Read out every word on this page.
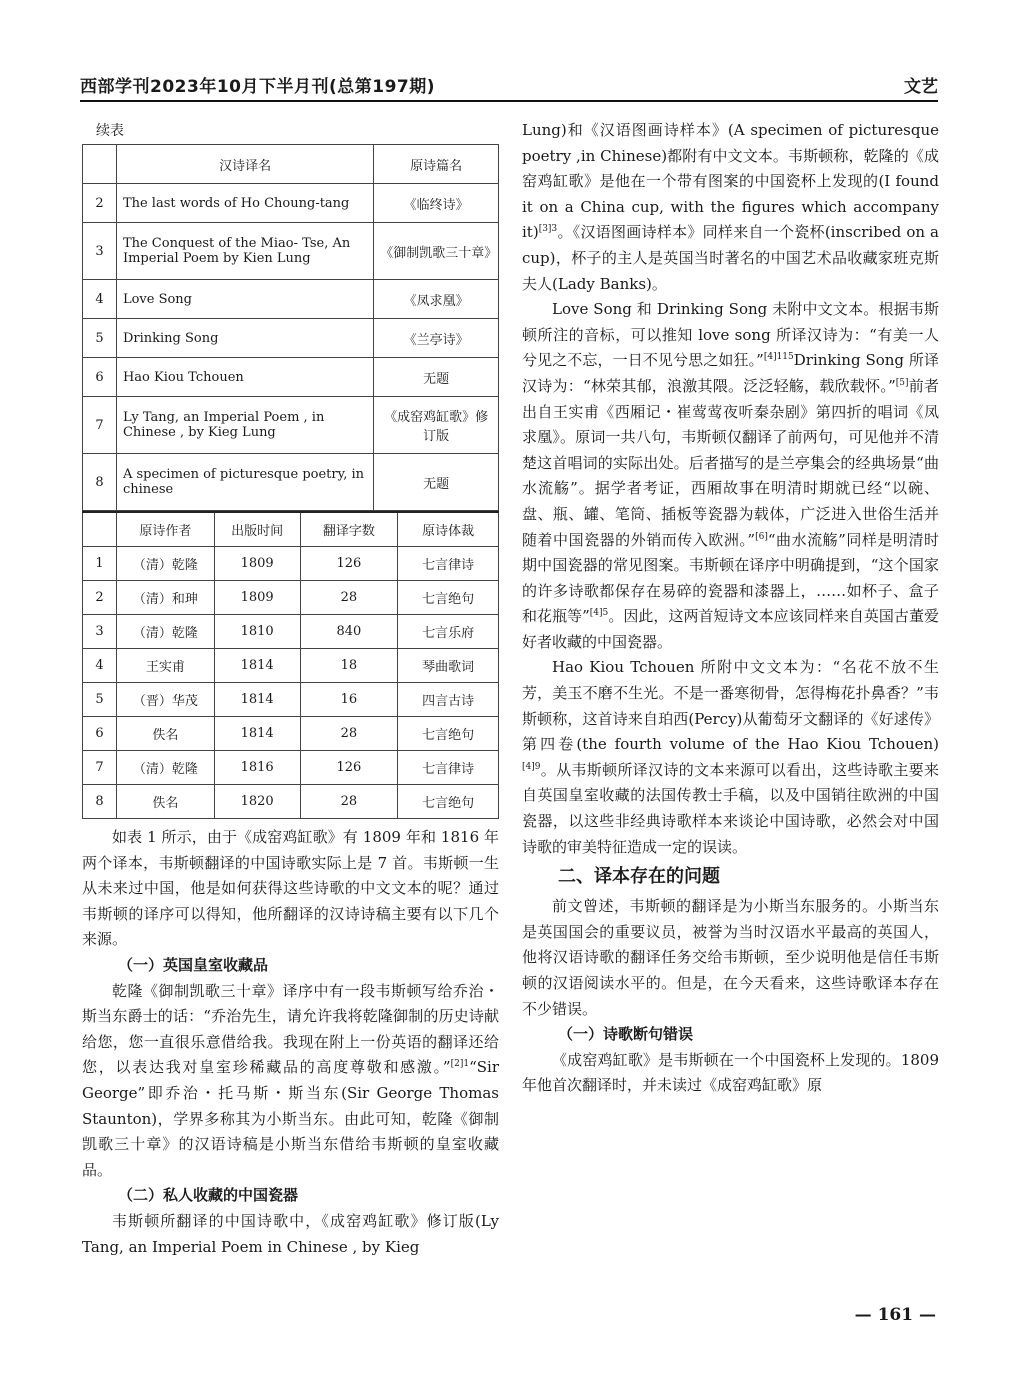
西部学刊2023年10月下半月刊(总第197期)	文艺
续表
	汉诗译名	原诗篇名
2	The last words of Ho Choung-tang	《临终诗》
3	The Conquest of the Miao- Tse, An Imperial Poem by Kien Lung	《御制凯歌三十章》
4	Love Song	《凤求凰》
5	Drinking Song	《兰亭诗》
6	Hao Kiou Tchouen	无题
7	Ly Tang, an Imperial Poem , in Chinese , by Kieg Lung	《成窑鸡缸歌》修订版
8	A specimen of picturesque poetry, in chinese	无题
	原诗作者	出版时间	翻译字数	原诗体裁
1	（清）乾隆	1809	126	七言律诗
2	（清）和珅	1809	28	七言绝句
3	（清）乾隆	1810	840	七言乐府
4	王实甫	1814	18	琴曲歌词
5	（晋）华茂	1814	16	四言古诗
6	佚名	1814	28	七言绝句
7	（清）乾隆	1816	126	七言律诗
8	佚名	1820	28	七言绝句

如表 1 所示，由于《成窑鸡缸歌》有 1809 年和 1816 年两个译本，韦斯顿翻译的中国诗歌实际上是 7 首。韦斯顿一生从未来过中国，他是如何获得这些诗歌的中文文本的呢？通过韦斯顿的译序可以得知，他所翻译的汉诗诗稿主要有以下几个来源。

（一）英国皇室收藏品

乾隆《御制凯歌三十章》译序中有一段韦斯顿写给乔治・斯当东爵士的话：“乔治先生，请允许我将乾隆御制的历史诗献给您，您一直很乐意借给我。我现在附上一份英语的翻译还给您，以表达我对皇室珍稀藏品的高度尊敬和感激。”$^{[2]1}$“Sir George”即乔治・托马斯・斯当东(Sir George Thomas Staunton)，学界多称其为小斯当东。由此可知，乾隆《御制凯歌三十章》的汉语诗稿是小斯当东借给韦斯顿的皇室收藏品。

（二）私人收藏的中国瓷器

韦斯顿所翻译的中国诗歌中，《成窑鸡缸歌》修订版(Ly Tang, an Imperial Poem in Chinese , by Kieg

Lung)和《汉语图画诗样本》(A specimen of picturesque poetry ,in Chinese)都附有中文文本。韦斯顿称，乾隆的《成窑鸡缸歌》是他在一个带有图案的中国瓷杯上发现的(I found it on a China cup, with the figures which accompany it)$^{[3]3}$。《汉语图画诗样本》同样来自一个瓷杯(inscribed on a cup)，杯子的主人是英国当时著名的中国艺术品收藏家班克斯夫人(Lady Banks)。

Love Song 和 Drinking Song 未附中文文本。根据韦斯顿所注的音标，可以推知 love song 所译汉诗为：“有美一人兮见之不忘，一日不见兮思之如狂。”$^{[4]115}$Drinking Song 所译汉诗为：“林荣其郁，浪激其隈。泛泛轻觞，载欣载怀。”[5]前者出自王实甫《西厢记・崔莺莺夜听秦杂剧》第四折的唱词《凤求凰》。原词一共八句，韦斯顿仅翻译了前两句，可见他并不清楚这首唱词的实际出处。后者描写的是兰亭集会的经典场景“曲水流觞”。据学者考证，西厢故事在明清时期就已经“以碗、盘、瓶、罐、笔筒、插板等瓷器为载体，广泛进入世俗生活并随着中国瓷器的外销而传入欧洲。”[6]“曲水流觞”同样是明清时期中国瓷器的常见图案。韦斯顿在译序中明确提到，“这个国家的许多诗歌都保存在易碎的瓷器和漆器上，……如杯子、盒子和花瓶等”$^{[4]5}$。因此，这两首短诗文本应该同样来自英国古董爱好者收藏的中国瓷器。

Hao Kiou Tchouen 所附中文文本为：“名花不放不生芳，美玉不磨不生光。不是一番寒彻骨，怎得梅花扑鼻香？”韦斯顿称，这首诗来自珀西(Percy)从葡萄牙文翻译的《好逑传》第四卷(the fourth volume of the Hao Kiou Tchouen)$^{[4]9}$。从韦斯顿所译汉诗的文本来源可以看出，这些诗歌主要来自英国皇室收藏的法国传教士手稿，以及中国销往欧洲的中国瓷器，以这些非经典诗歌样本来谈论中国诗歌，必然会对中国诗歌的审美特征造成一定的误读。

二、译本存在的问题

前文曾述，韦斯顿的翻译是为小斯当东服务的。小斯当东是英国国会的重要议员，被誉为当时汉语水平最高的英国人，他将汉语诗歌的翻译任务交给韦斯顿，至少说明他是信任韦斯顿的汉语阅读水平的。但是，在今天看来，这些诗歌译本存在不少错误。

（一）诗歌断句错误

《成窑鸡缸歌》是韦斯顿在一个中国瓷杯上发现的。1809 年他首次翻译时，并未读过《成窑鸡缸歌》原

— 161 —
